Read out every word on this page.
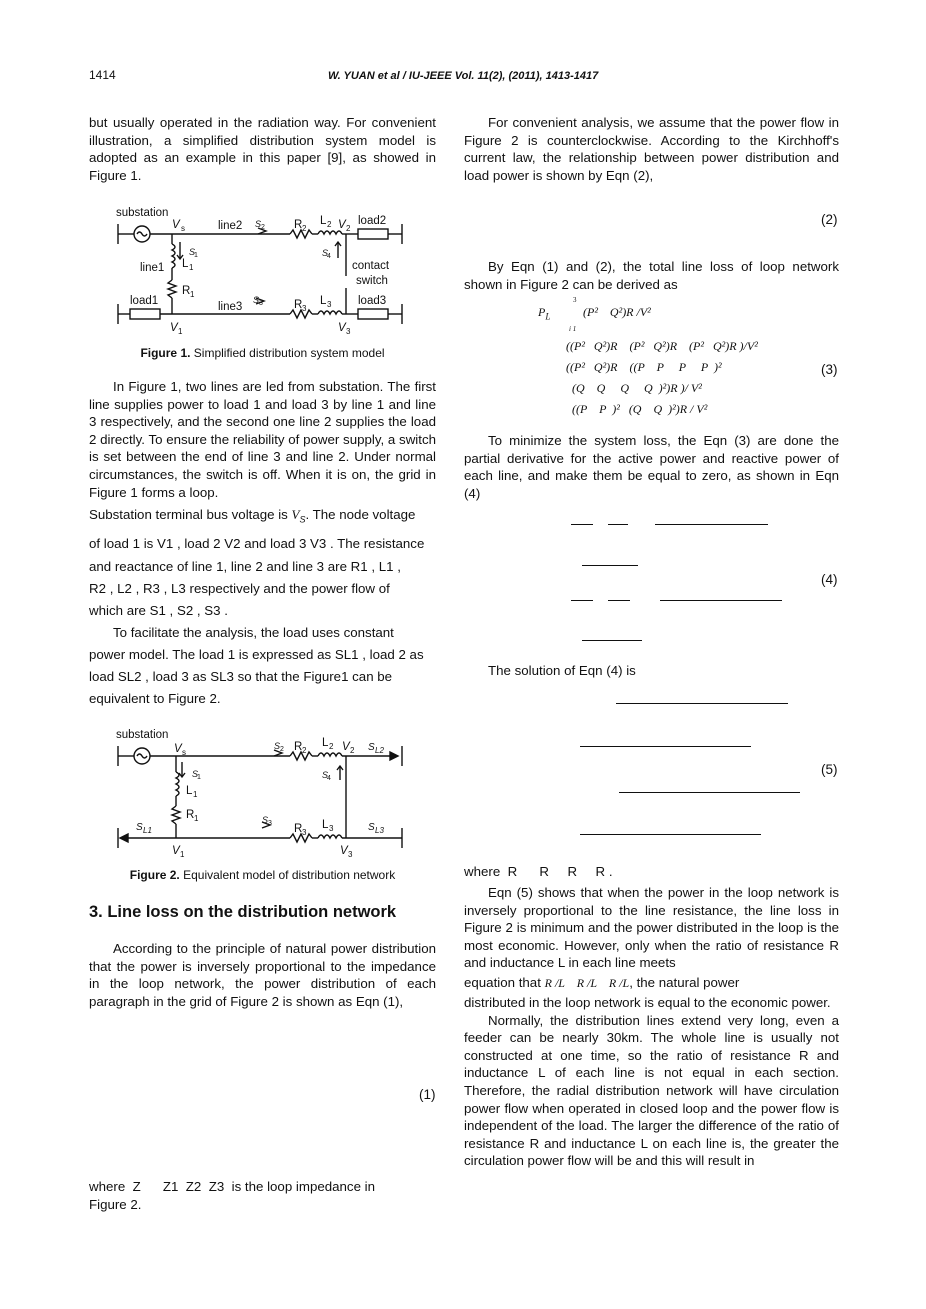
1414	W. YUAN et al / IU-JEEE Vol. 11(2), (2011), 1413-1417

but usually operated in the radiation way. For convenient illustration, a simplified distribution system model is adopted as an example in this paper [9], as showed in Figure 1.

substation
V s	line2 S 2	R 2
L 2 V 2
load2
S
1	S
4
line1 L 1	contact
switch
R 1
load1	line3
S 3	R 3
L 3 load3
V 1	V 3
Figure 1. Simplified distribution system model

In Figure 1, two lines are led from substation. The first line supplies power to load 1 and load 3 by line 1 and line 3 respectively, and the second one line 2 supplies the load 2 directly. To ensure the reliability of power supply, a switch is set between the end of line 3 and line 2. Under normal circumstances, the switch is off. When it is on, the grid in Figure 1 forms a loop.

Substation terminal bus voltage is $V_S$. The node voltage

of load 1 is V1 , load 2 V2 and load 3 V3 . The resistance

and reactance of line 1, line 2 and line 3 are R1 , L1 ,

R2 , L2 , R3 , L3 respectively and the power flow of

which are S1 , S2 , S3 .

To facilitate the analysis, the load uses constant

power model. The load 1 is expressed as SL1 , load 2 as

load SL2 , load 3 as SL3 so that the Figure1 can be

equivalent to Figure 2.

substation
V s
S 2 R 2
L 2 V 2 S L2
S
1	S
4
L 1
R 1
S L1
S 3 R 3
L 3	S L3
V 1	V 3
Figure 2. Equivalent model of distribution network
3. Line loss on the distribution network

According to the principle of natural power distribution that the power is inversely proportional to the impedance in the loop network, the power distribution of each paragraph in the grid of Figure 2 is shown as Eqn (1),

(1)
where  Z      Z1  Z2  Z3  is the loop impedance in
Figure 2.

For convenient analysis, we assume that the power flow in Figure 2 is counterclockwise. According to the Kirchhoff's current law, the relationship between power distribution and load power is shown by Eqn (2),

(2)

By Eqn (1) and (2), the total line loss of loop network shown in Figure 2 can be derived as

$P_L$
3
i 1
(P²    Q²)R /V²
((P²   Q²)R    (P²   Q²)R    (P²   Q²)R )/V²
((P²   Q²)R    ((P    P     P     P  )²
(Q    Q     Q     Q  )²)R )/ V²
((P    P  )²   (Q    Q  )²)R / V²
(3)

To minimize the system loss, the Eqn (3) are done the partial derivative for the active power and reactive power of each line, and make them be equal to zero, as shown in Eqn (4)

(4)
The solution of Eqn (4) is
(5)
where  R      R     R     R .

Eqn (5) shows that when the power in the loop network is inversely proportional to the line resistance, the line loss in Figure 2 is minimum and the power distributed in the loop is the most economic. However, only when the ratio of resistance R and inductance L in each line meets

equation that R /L    R /L    R /L, the natural power

distributed in the loop network is equal to the economic power.

Normally, the distribution lines extend very long, even a feeder can be nearly 30km. The whole line is usually not constructed at one time, so the ratio of resistance R and inductance L of each line is not equal in each section. Therefore, the radial distribution network will have circulation power flow when operated in closed loop and the power flow is independent of the load. The larger the difference of the ratio of resistance R and inductance L on each line is, the greater the circulation power flow will be and this will result in
